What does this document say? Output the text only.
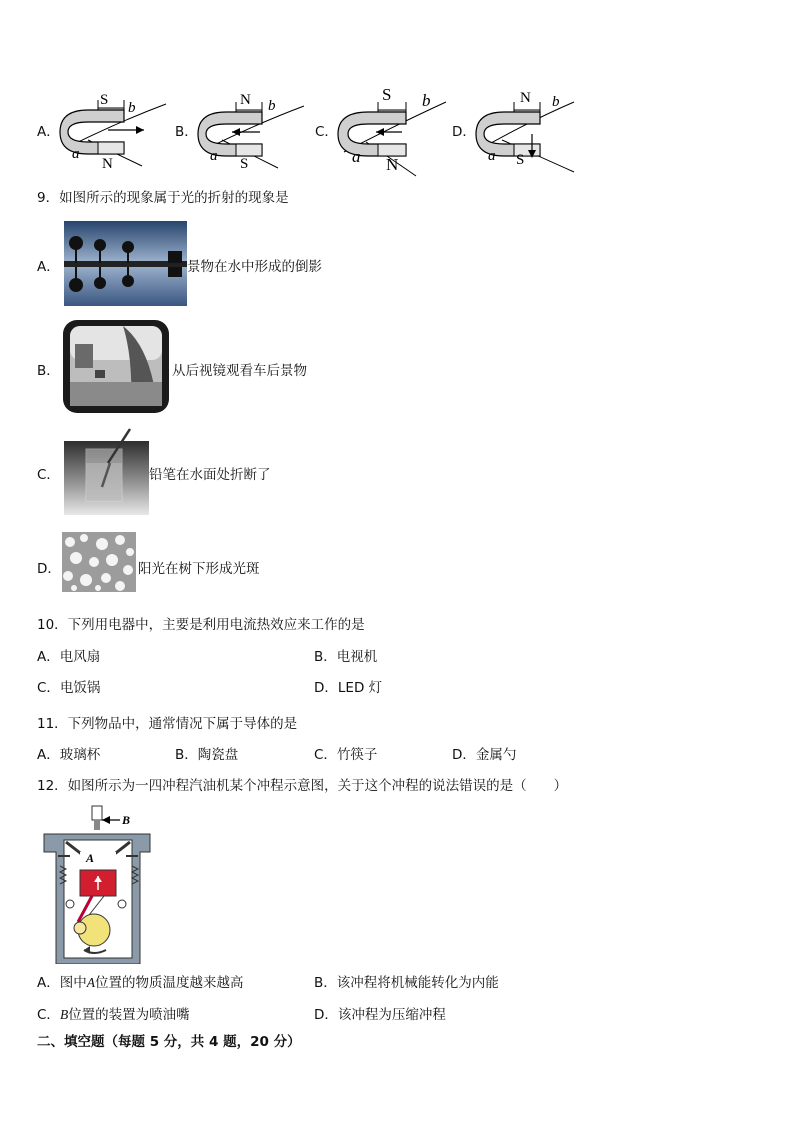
A．
S b
N
a
B．
N b
S
a
C．
S b
N
a
D．
N b
S
a
9．如图所示的现象属于光的折射的现象是
A．	景物在水中形成的倒影
B．	从后视镜观看车后景物
C．	铅笔在水面处折断了
D．	阳光在树下形成光斑
10．下列用电器中，主要是利用电流热效应来工作的是
A．电风扇	B．电视机
C．电饭锅	D．LED 灯
11．下列物品中，通常情况下属于导体的是
A．玻璃杯	B．陶瓷盘	C．竹筷子	D．金属勺
12．如图所示为一四冲程汽油机某个冲程示意图，关于这个冲程的说法错误的是（　　）
B
A
A．图中A位置的物质温度越来越高	B．该冲程将机械能转化为内能
C．B位置的装置为喷油嘴	D．该冲程为压缩冲程
二、填空题（每题 5 分，共 4 题，20 分）
